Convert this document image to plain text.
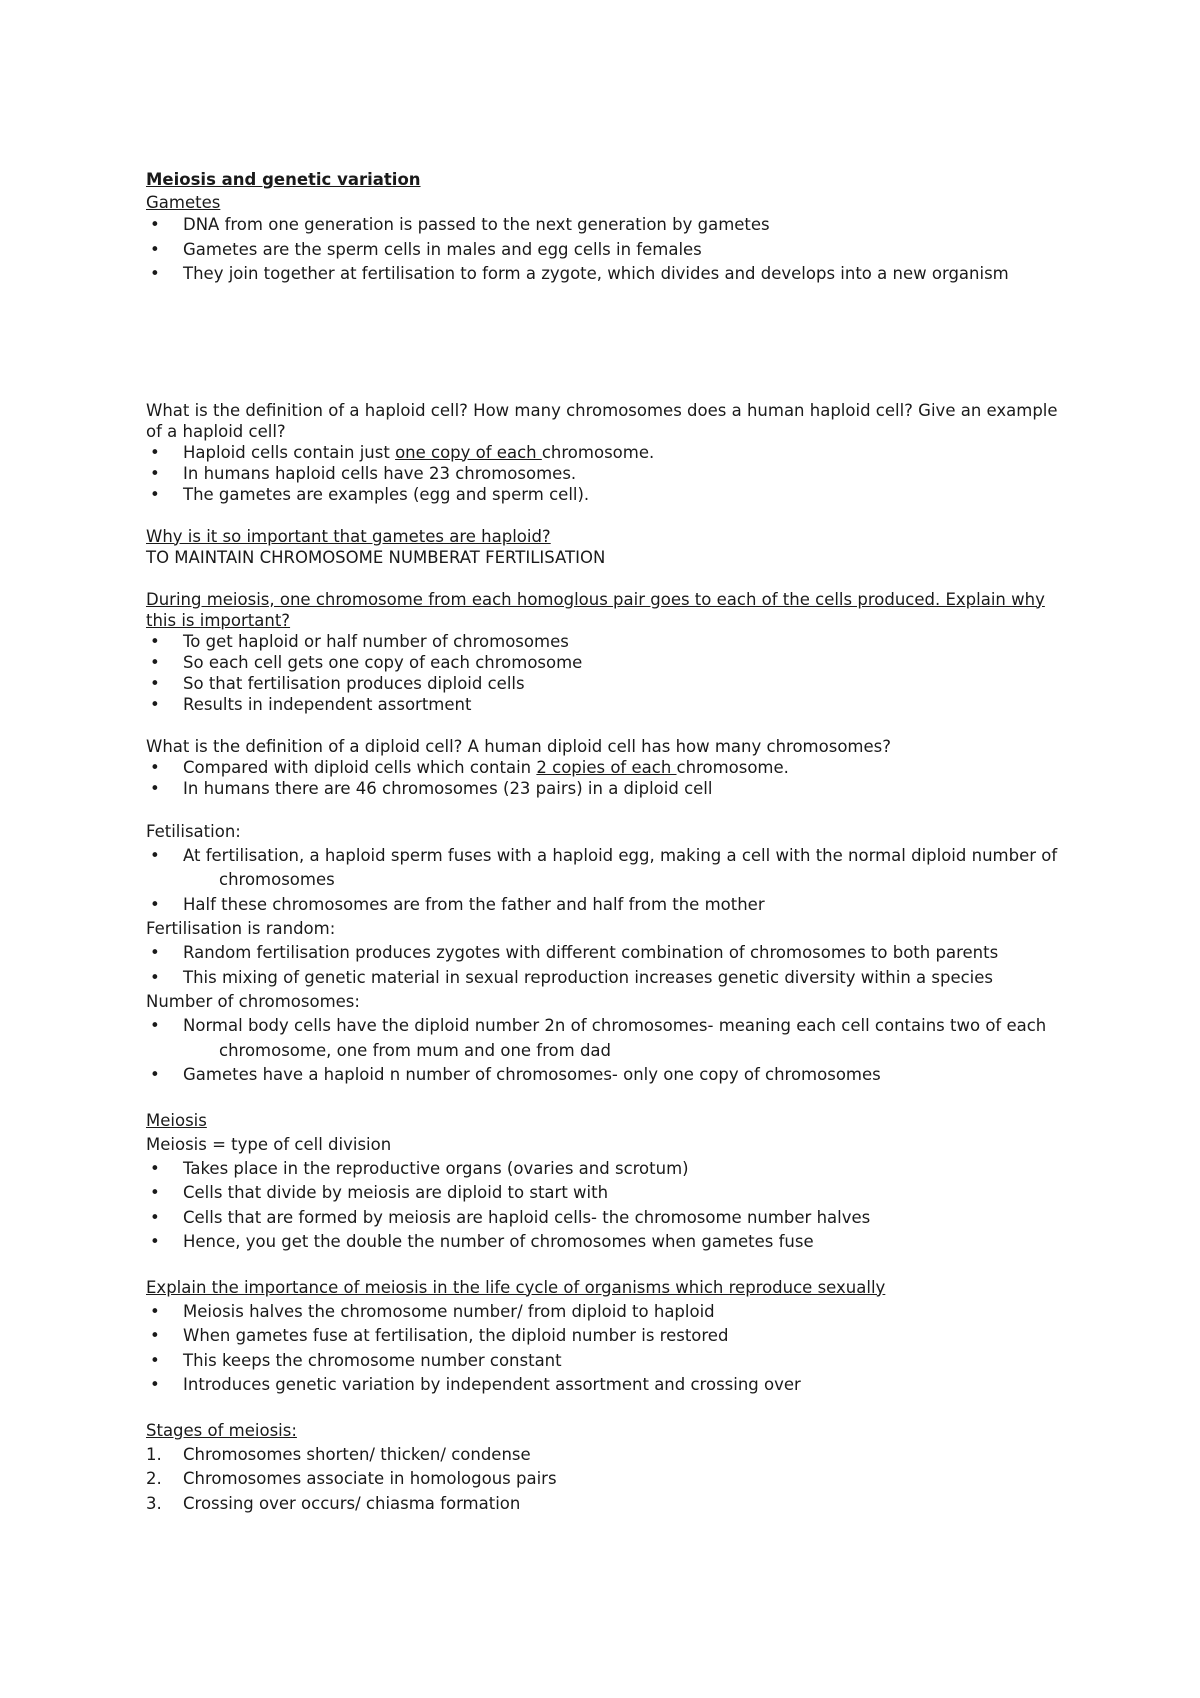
Meiosis and genetic variation

Gametes

• DNA from one generation is passed to the next generation by gametes
• Gametes are the sperm cells in males and egg cells in females
• They join together at fertilisation to form a zygote, which divides and develops into a new organism

What is the definition of a haploid cell? How many chromosomes does a human haploid cell? Give an example

of a haploid cell?

• Haploid cells contain just one copy of each chromosome.
• In humans haploid cells have 23 chromosomes.
• The gametes are examples (egg and sperm cell).

Why is it so important that gametes are haploid?

TO MAINTAIN CHROMOSOME NUMBERAT FERTILISATION

During meiosis, one chromosome from each homoglous pair goes to each of the cells produced. Explain why

this is important?

• To get haploid or half number of chromosomes
• So each cell gets one copy of each chromosome
• So that fertilisation produces diploid cells
• Results in independent assortment

What is the definition of a diploid cell? A human diploid cell has how many chromosomes?

• Compared with diploid cells which contain 2 copies of each chromosome.
• In humans there are 46 chromosomes (23 pairs) in a diploid cell

Fetilisation:

• At fertilisation, a haploid sperm fuses with a haploid egg, making a cell with the normal diploid number of
chromosomes
• Half these chromosomes are from the father and half from the mother

Fertilisation is random:

• Random fertilisation produces zygotes with different combination of chromosomes to both parents
• This mixing of genetic material in sexual reproduction increases genetic diversity within a species

Number of chromosomes:

• Normal body cells have the diploid number 2n of chromosomes- meaning each cell contains two of each
chromosome, one from mum and one from dad
• Gametes have a haploid n number of chromosomes- only one copy of chromosomes

Meiosis

Meiosis = type of cell division

• Takes place in the reproductive organs (ovaries and scrotum)
• Cells that divide by meiosis are diploid to start with
• Cells that are formed by meiosis are haploid cells- the chromosome number halves
• Hence, you get the double the number of chromosomes when gametes fuse

Explain the importance of meiosis in the life cycle of organisms which reproduce sexually

• Meiosis halves the chromosome number/ from diploid to haploid
• When gametes fuse at fertilisation, the diploid number is restored
• This keeps the chromosome number constant
• Introduces genetic variation by independent assortment and crossing over

Stages of meiosis:

1. Chromosomes shorten/ thicken/ condense
2. Chromosomes associate in homologous pairs
3. Crossing over occurs/ chiasma formation
